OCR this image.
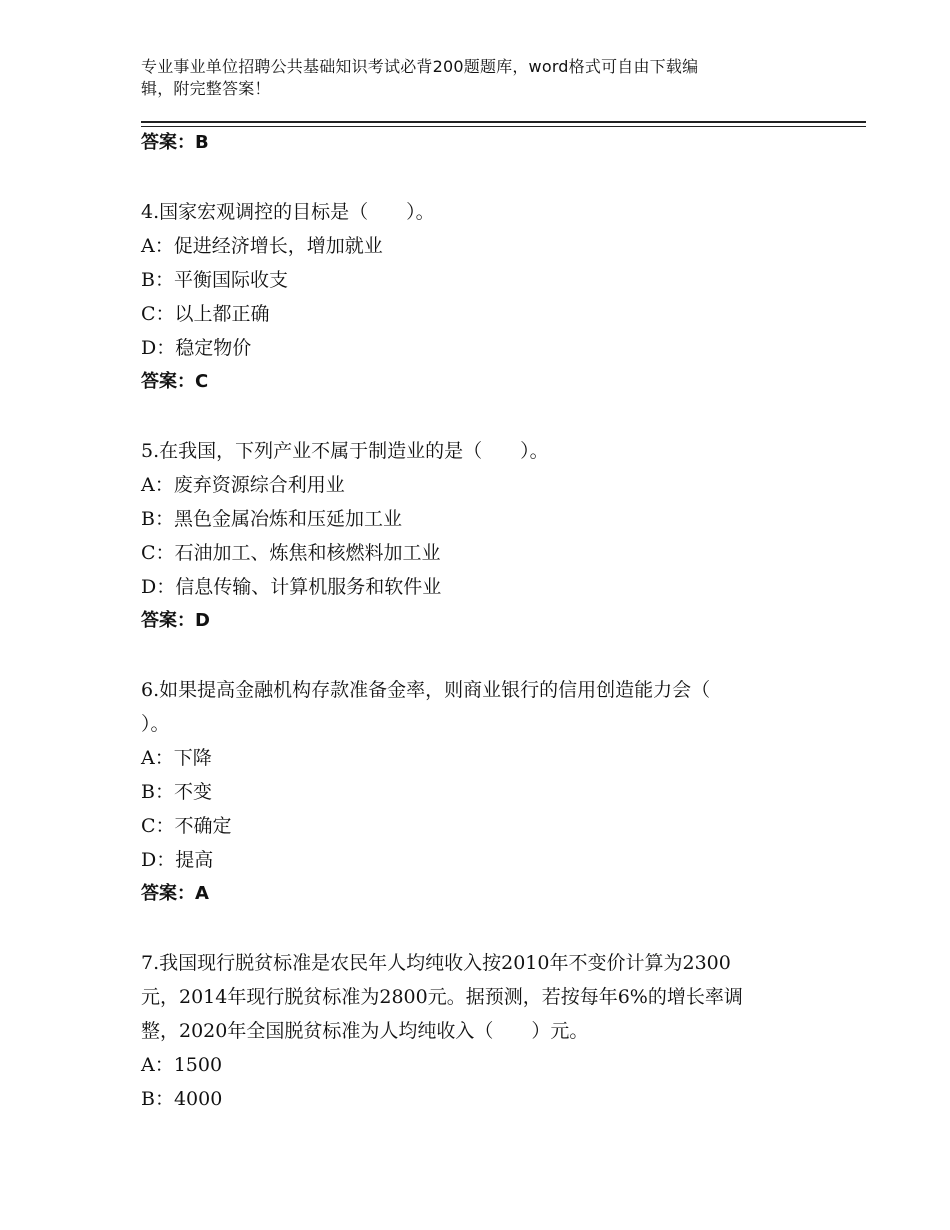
专业事业单位招聘公共基础知识考试必背200题题库，word格式可自由下载编
辑，附完整答案！
答案：B
4.国家宏观调控的目标是（　　）。
A：促进经济增长，增加就业
B：平衡国际收支
C：以上都正确
D：稳定物价
答案：C
5.在我国，下列产业不属于制造业的是（　　）。
A：废弃资源综合利用业
B：黑色金属冶炼和压延加工业
C：石油加工、炼焦和核燃料加工业
D：信息传输、计算机服务和软件业
答案：D
6.如果提高金融机构存款准备金率，则商业银行的信用创造能力会（
）。
A：下降
B：不变
C：不确定
D：提高
答案：A
7.我国现行脱贫标准是农民年人均纯收入按2010年不变价计算为2300
元，2014年现行脱贫标准为2800元。据预测，若按每年6%的增长率调
整，2020年全国脱贫标准为人均纯收入（　　）元。
A：1500
B：4000
